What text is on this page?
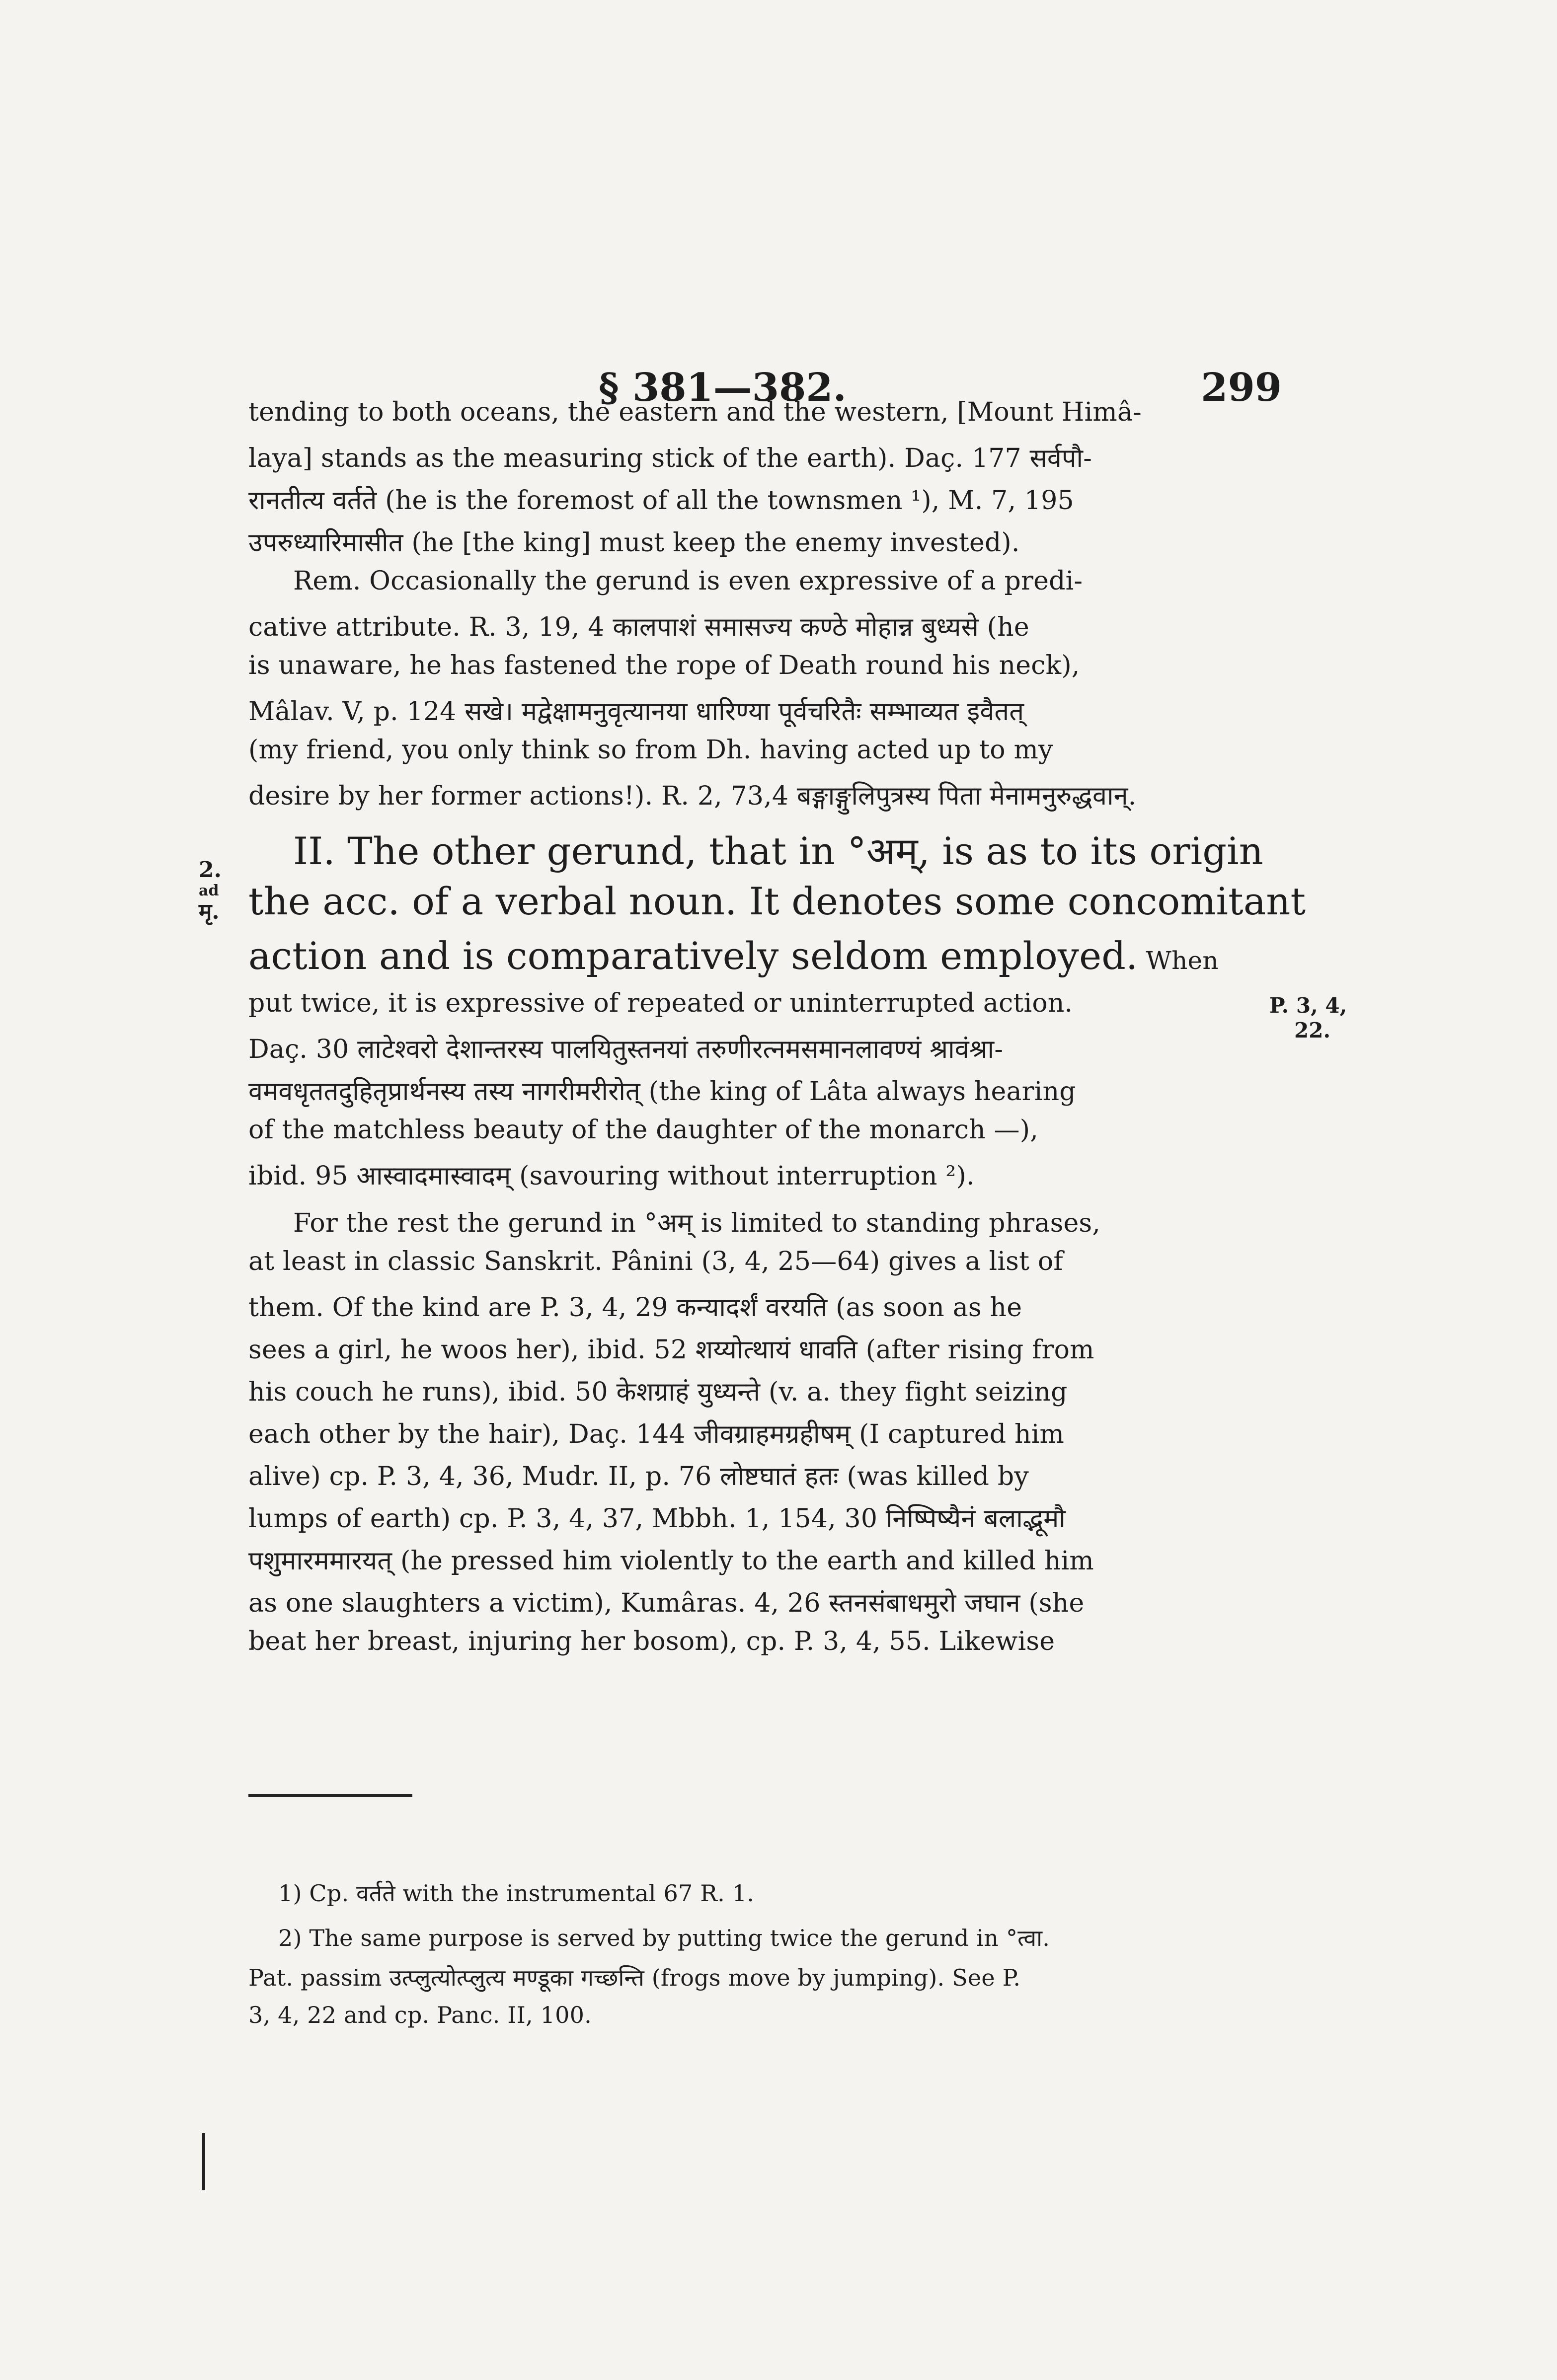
§ 381—382.	299
tending to both oceans, the eastern and the western, [Mount Himâ-
laya] stands as the measuring stick of the earth). Daç. 177 सर्वपौ-
रानतीत्य वर्तते (he is the foremost of all the townsmen ¹), M. 7, 195
उपरुध्यारिमासीत (he [the king] must keep the enemy invested).
Rem. Occasionally the gerund is even expressive of a predi-
cative attribute. R. 3, 19, 4 कालपाशं समासज्य कण्ठे मोहान्न बुध्यसे (he
is unaware, he has fastened the rope of Death round his neck),
Mâlav. V, p. 124 सखे। मद्वेक्षामनुवृत्यानया धारिण्या पूर्वचरितैः सम्भाव्यत इवैतत्
(my friend, you only think so from Dh. having acted up to my
desire by her former actions!). R. 2, 73,4 बङ्गाङ्गुलिपुत्रस्य पिता मेनामनुरुद्धवान्.
II. The other gerund, that in °अम्, is as to its origin
the acc. of a verbal noun. It denotes some concomitant
action and is comparatively seldom employed. When
put twice, it is expressive of repeated or uninterrupted action.
Daç. 30 लाटेश्वरो देशान्तरस्य पालयितुस्तनयां तरुणीरत्नमसमानलावण्यं श्रावंश्रा-
वमवधृततदुहितृप्रार्थनस्य तस्य नागरीमरीरोत् (the king of Lâta always hearing
of the matchless beauty of the daughter of the monarch —),
ibid. 95 आस्वादमास्वादम् (savouring without interruption ²).
For the rest the gerund in °अम् is limited to standing phrases,
at least in classic Sanskrit. Pânini (3, 4, 25—64) gives a list of
them. Of the kind are P. 3, 4, 29 कन्यादर्शं वरयति (as soon as he
sees a girl, he woos her), ibid. 52 शय्योत्थायं धावति (after rising from
his couch he runs), ibid. 50 केशग्राहं युध्यन्ते (v. a. they fight seizing
each other by the hair), Daç. 144 जीवग्राहमग्रहीषम् (I captured him
alive) cp. P. 3, 4, 36, Mudr. II, p. 76 लोष्टघातं हतः (was killed by
lumps of earth) cp. P. 3, 4, 37, Mbbh. 1, 154, 30 निष्पिष्यैनं बलाद्भूमौ
पशुमारममारयत् (he pressed him violently to the earth and killed him
as one slaughters a victim), Kumâras. 4, 26 स्तनसंबाधमुरो जघान (she
beat her breast, injuring her bosom), cp. P. 3, 4, 55. Likewise
2.
ad
मृ.
P. 3, 4,
22.
1) Cp. वर्तते with the instrumental 67 R. 1.
2) The same purpose is served by putting twice the gerund in °त्वा.
Pat. passim उत्प्लुत्योत्प्लुत्य मण्डूका गच्छन्ति (frogs move by jumping). See P.
3, 4, 22 and cp. Panc. II, 100.
